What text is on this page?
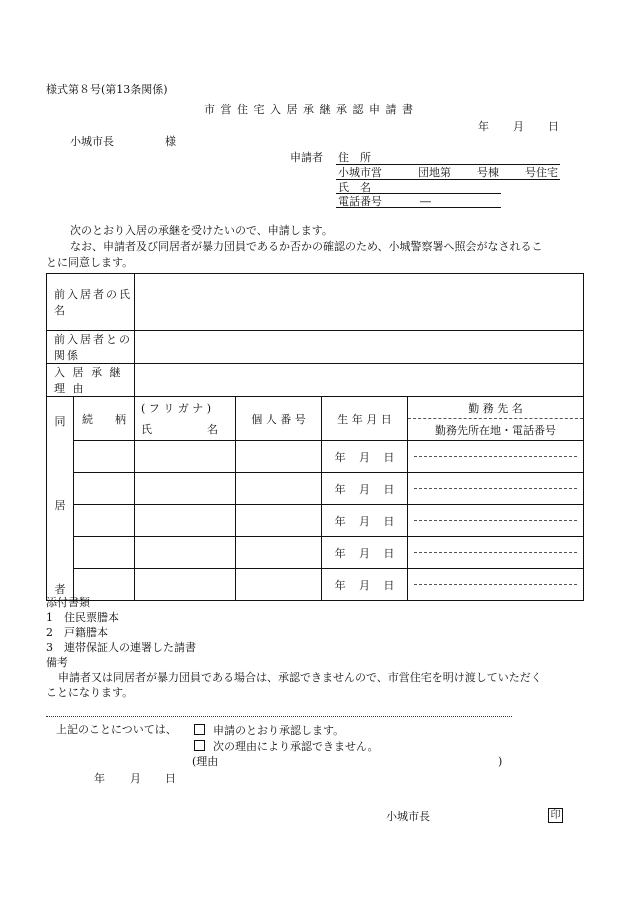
様式第８号(第13条関係)
市 営 住 宅 入 居 承 継 承 認 申 請 書
年 月 日
小城市長	様
申請者 住　所
小城市営	団地第 号棟 号住宅
氏　名
電話番号	―
次のとおり入居の承継を受けたいので、申請します。
なお、申請者及び同居者が暴力団員であるか否かの確認のため、小城警察署へ照会がなされるこ
とに同意します。
前入居者の氏名					
前入居者との関係					
入 居 承 継 理 由					

同
居
者	続　　柄	( フ リ ガ ナ )	個 人 番 号	生 年 月 日	勤 務 先 名
		氏　　　　　名			勤務先所在地・電話番号

				年 月 日	

				年 月 日	

				年 月 日	

				年 月 日	

				年 月 日	

添付書類
1　住民票謄本
2　戸籍謄本
3　連帯保証人の連署した請書
備考
申請者又は同居者が暴力団員である場合は、承認できませんので、市営住宅を明け渡していただく
ことになります。
上記のことについては、	申請のとおり承認します。
次の理由により承認できません。
(理由	)
年 月 日
小城市長	印
